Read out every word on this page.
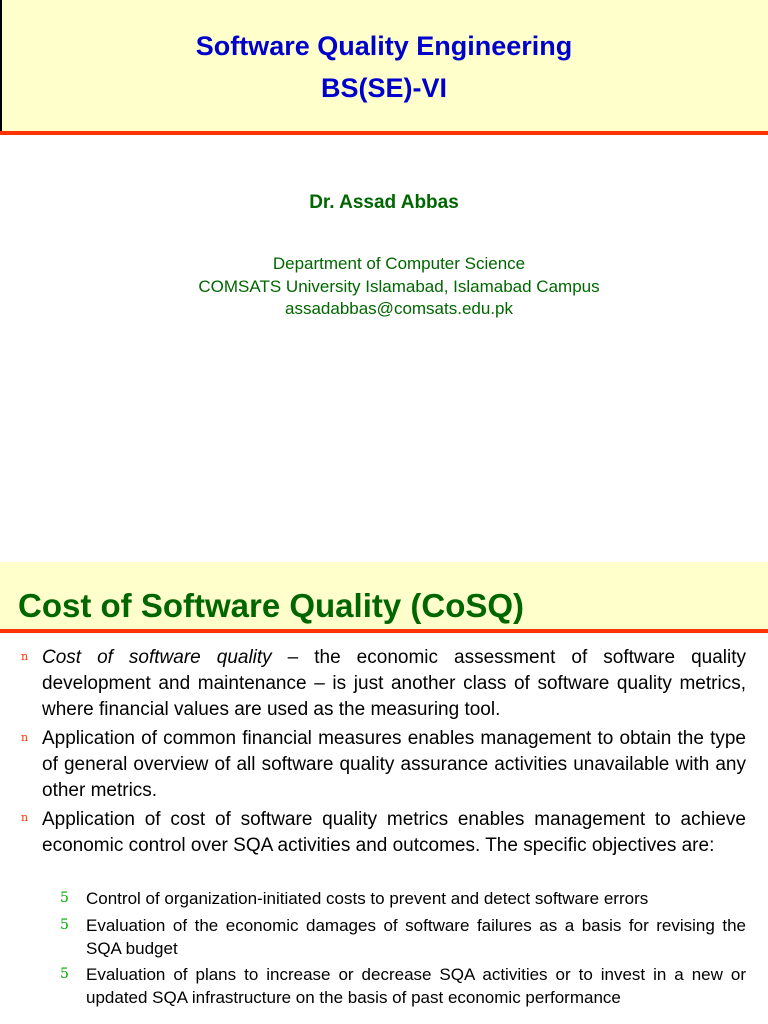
Software Quality Engineering
BS(SE)-VI
Dr. Assad Abbas
Department of Computer Science
COMSATS University Islamabad, Islamabad Campus
assadabbas@comsats.edu.pk
Cost of Software Quality (CoSQ)
n Cost of software quality – the economic assessment of software quality development and maintenance – is just another class of software quality metrics, where financial values are used as the measuring tool.
n Application of common financial measures enables management to obtain the type of general overview of all software quality assurance activities unavailable with any other metrics.
n Application of cost of software quality metrics enables management to achieve economic control over SQA activities and outcomes. The specific objectives are:
5 Control of organization-initiated costs to prevent and detect software errors
5 Evaluation of the economic damages of software failures as a basis for revising the SQA budget
5 Evaluation of plans to increase or decrease SQA activities or to invest in a new or updated SQA infrastructure on the basis of past economic performance
